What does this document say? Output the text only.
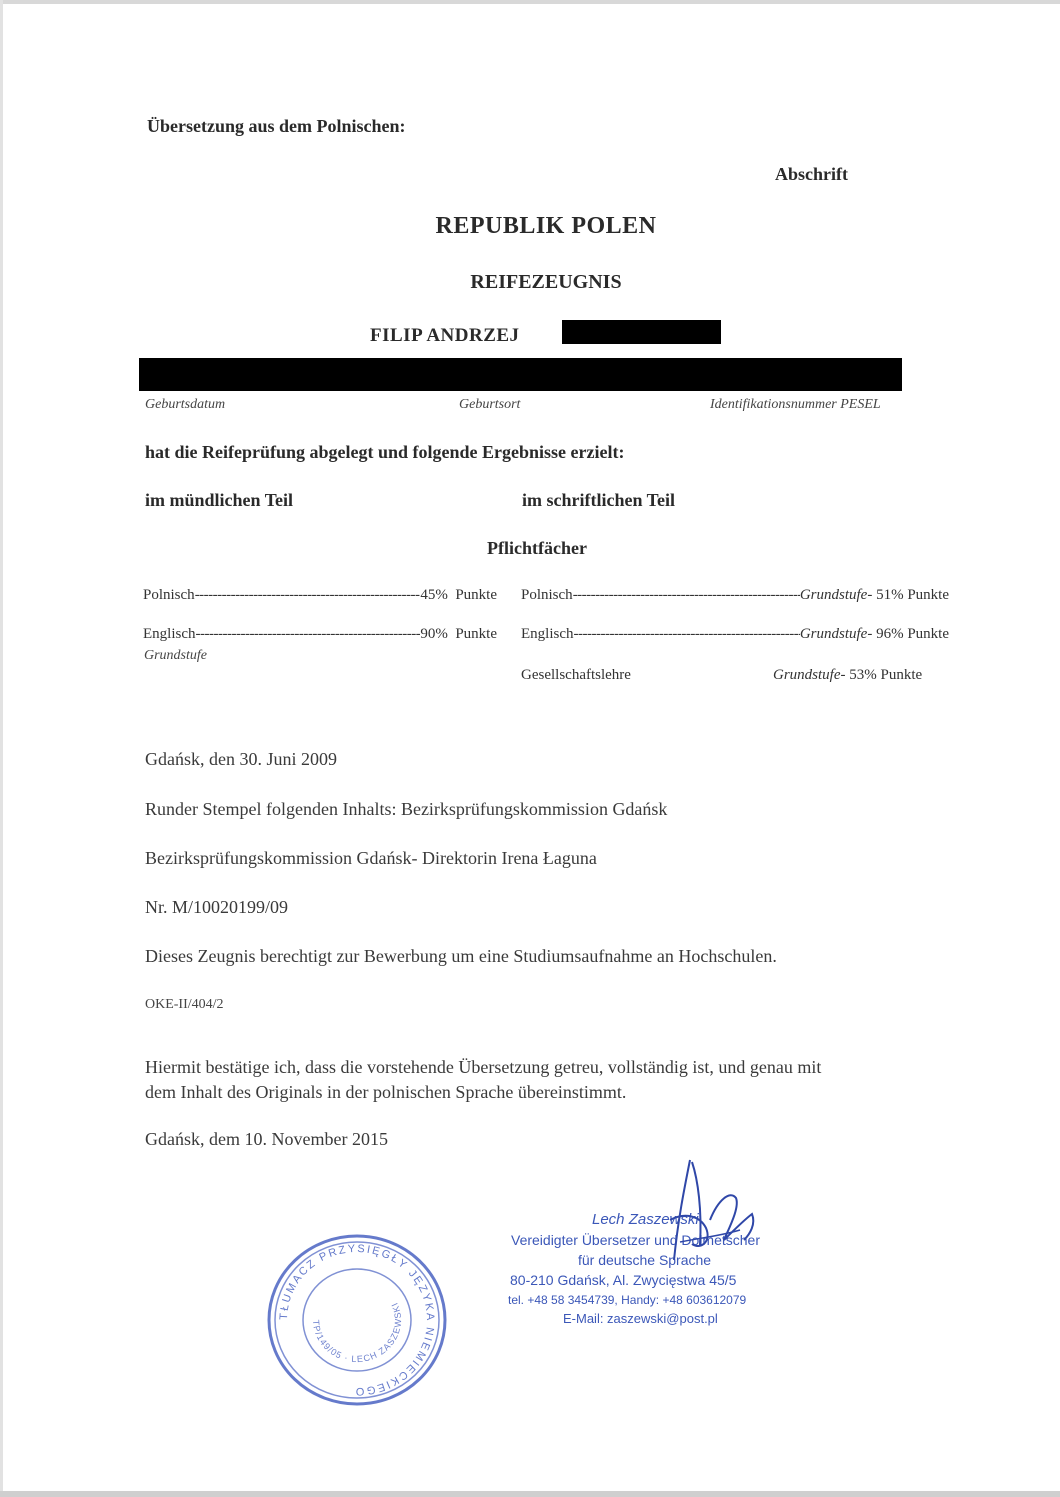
Übersetzung aus dem Polnischen:
Abschrift
REPUBLIK POLEN
REIFEZEUGNIS
FILIP ANDRZEJ
Geburtsdatum	Geburtsort	Identifikationsnummer PESEL
hat die Reifeprüfung abgelegt und folgende Ergebnisse erzielt:
im mündlichen Teil	im schriftlichen Teil
Pflichtfächer
Polnisch -----	45%
Punkte
Englisch -----	90%
Punkte
Grundstufe
Polnisch -----	Grundstufe - 51%
Punkte
Englisch -----	Grundstufe - 96%
Punkte
Gesellschaftslehre	Grundstufe- 53% Punkte
Gdańsk, den 30. Juni 2009
Runder Stempel folgenden Inhalts: Bezirksprüfungskommission Gdańsk
Bezirksprüfungskommission Gdańsk- Direktorin Irena Łaguna
Nr. M/10020199/09
Dieses Zeugnis berechtigt zur Bewerbung um eine Studiumsaufnahme an Hochschulen.
OKE-II/404/2
Hiermit bestätige ich, dass die vorstehende Übersetzung getreu, vollständig ist, und genau mit
dem Inhalt des Originals in der polnischen Sprache übereinstimmt.
Gdańsk, dem 10. November 2015
TŁUMACZ PRZYSIĘGŁY JĘZYKA NIEMIECKIEGO
TP/149/05 · LECH ZASZEWSKI
Lech Zaszewski
Vereidigter Übersetzer und Dolmetscher
für deutsche Sprache
80-210 Gdańsk, Al. Zwycięstwa 45/5
tel. +48 58 3454739, Handy: +48 603612079
E-Mail: zaszewski@post.pl
